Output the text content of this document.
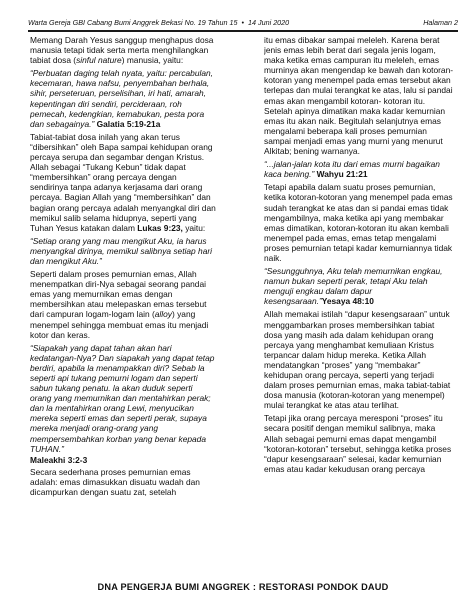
Warta Gereja GBI Cabang Bumi Anggrek Bekasi No. 19 Tahun 15  •  14 Juni 2020	Halaman 2
Memang Darah Yesus sanggup menghapus dosa manusia tetapi tidak serta merta menghilangkan tabiat dosa (sinful nature) manusia, yaitu:
“Perbuatan daging telah nyata, yaitu: percabulan, kecemaran, hawa nafsu, penyembahan berhala, sihir, perseteruan, perselisihan, iri hati, amarah, kepentingan diri sendiri, percideraan, roh pemecah, kedengkian, kemabukan, pesta pora dan sebagainya.” Galatia 5:19-21a
Tabiat-tabiat dosa inilah yang akan terus “dibersihkan” oleh Bapa sampai kehidupan orang percaya serupa dan segambar dengan Kristus. Allah sebagai “Tukang Kebun” tidak dapat “membersihkan” orang percaya dengan sendirinya tanpa adanya kerjasama dari orang percaya. Bagian Allah yang “membersihkan” dan bagian orang percaya adalah menyangkal diri dan memikul salib selama hidupnya, seperti yang Tuhan Yesus katakan dalam Lukas 9:23, yaitu:
“Setiap orang yang mau mengikut Aku, ia harus menyangkal dirinya, memikul salibnya setiap hari dan mengikut Aku.”
Seperti dalam proses pemurnian emas, Allah menempatkan diri-Nya sebagai seorang pandai emas yang memurnikan emas dengan membersihkan atau melepaskan emas tersebut dari campuran logam-logam lain (alloy) yang menempel sehingga membuat emas itu menjadi kotor dan keras.
“Siapakah yang dapat tahan akan hari kedatangan-Nya? Dan siapakah yang dapat tetap berdiri, apabila la menampakkan diri? Sebab la seperti api tukang pemurni logam dan seperti sabun tukang penatu. la akan duduk seperti orang yang memurnikan dan mentahirkan perak; dan la mentahirkan orang Lewi, menyucikan mereka seperti emas dan seperti perak, supaya mereka menjadi orang-orang yang mempersembahkan korban yang benar kepada TUHAN.”
Maleakhi 3:2-3
Secara sederhana proses pemurnian emas adalah: emas dimasukkan disuatu wadah dan dicampurkan dengan suatu zat, setelah
itu emas dibakar sampai meleleh. Karena berat jenis emas lebih berat dari segala jenis logam, maka ketika emas campuran itu meleleh, emas murninya akan mengendap ke bawah dan kotoran-kotoran yang menempel pada emas tersebut akan terlepas dan mulai terangkat ke atas, lalu si pandai emas akan mengambil kotoran- kotoran itu. Setelah apinya dimatikan maka kadar kemurnian emas itu akan naik. Begitulah selanjutnya emas mengalami beberapa kali proses pemurnian sampai menjadi emas yang murni yang menurut Alkitab; bening warnanya.
“...jalan-jalan kota itu dari emas murni bagaikan kaca bening.” Wahyu 21:21
Tetapi apabila dalam suatu proses pemurnian, ketika kotoran-kotoran yang menempel pada emas sudah terangkat ke atas dan si pandai emas tidak mengambilnya, maka ketika api yang membakar emas dimatikan, kotoran-kotoran itu akan kembali menempel pada emas, emas tetap mengalami proses pemurnian tetapi kadar kemurniannya tidak naik.
“Sesungguhnya, Aku telah memurnikan engkau, namun bukan seperti perak, tetapi Aku telah menguji engkau dalam dapur kesengsaraan.”Yesaya 48:10
Allah memakai istilah “dapur kesengsaraan” untuk menggambarkan proses membersihkan tabiat dosa yang masih ada dalam kehidupan orang percaya yang menghambat kemuliaan Kristus terpancar dalam hidup mereka. Ketika Allah mendatangkan “proses” yang “membakar” kehidupan orang percaya, seperti yang terjadi dalam proses pemurnian emas, maka tabiat-tabiat dosa manusia (kotoran-kotoran yang menempel) mulai terangkat ke atas atau terlihat.
Tetapi jika orang percaya meresponi “proses” itu secara positif dengan memikul salibnya, maka Allah sebagai pemurni emas dapat mengambil “kotoran-kotoran” tersebut, sehingga ketika proses “dapur kesengsaraan” selesai, kadar kemurnian emas atau kadar kekudusan orang percaya
DNA PENGERJA BUMI ANGGREK : RESTORASI PONDOK DAUD
